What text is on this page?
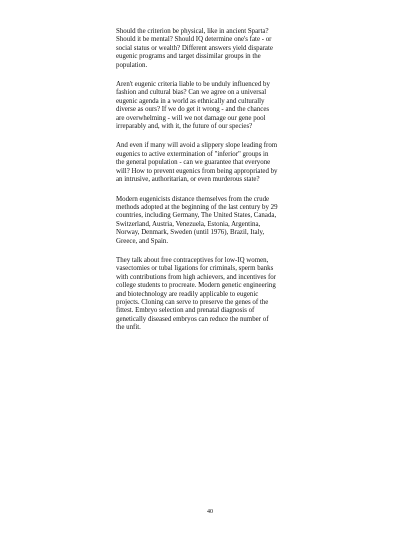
Should the criterion be physical, like in ancient Sparta?
Should it be mental? Should IQ determine one's fate - or
social status or wealth? Different answers yield disparate
eugenic programs and target dissimilar groups in the
population.

Aren't eugenic criteria liable to be unduly influenced by
fashion and cultural bias? Can we agree on a universal
eugenic agenda in a world as ethnically and culturally
diverse as ours? If we do get it wrong - and the chances
are overwhelming - will we not damage our gene pool
irreparably and, with it, the future of our species?

And even if many will avoid a slippery slope leading from
eugenics to active extermination of "inferior" groups in
the general population - can we guarantee that everyone
will? How to prevent eugenics from being appropriated by
an intrusive, authoritarian, or even murderous state?

Modern eugenicists distance themselves from the crude
methods adopted at the beginning of the last century by 29
countries, including Germany, The United States, Canada,
Switzerland, Austria, Venezuela, Estonia, Argentina,
Norway, Denmark, Sweden (until 1976), Brazil, Italy,
Greece, and Spain.

They talk about free contraceptives for low-IQ women,
vasectomies or tubal ligations for criminals, sperm banks
with contributions from high achievers, and incentives for
college students to procreate. Modern genetic engineering
and biotechnology are readily applicable to eugenic
projects. Cloning can serve to preserve the genes of the
fittest. Embryo selection and prenatal diagnosis of
genetically diseased embryos can reduce the number of
the unfit.

40
